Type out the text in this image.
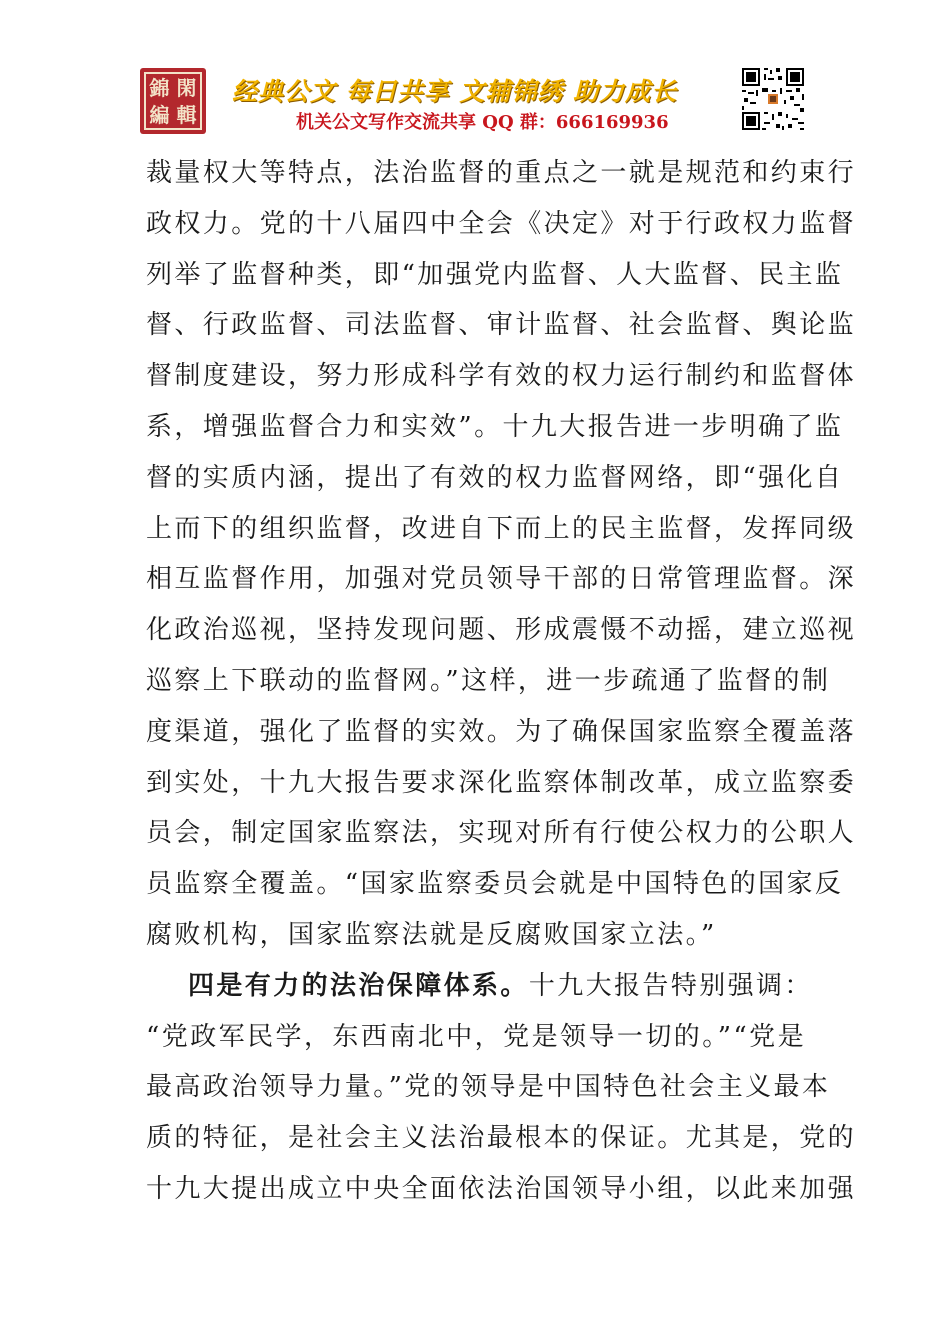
錦 閑
編 輯
经典公文 每日共享 文辅锦绣 助力成长
机关公文写作交流共享 QQ 群：666169936
裁量权大等特点，法治监督的重点之一就是规范和约束行
政权力。党的十八届四中全会《决定》对于行政权力监督
列举了监督种类，即“加强党内监督、人大监督、民主监
督、行政监督、司法监督、审计监督、社会监督、舆论监
督制度建设，努力形成科学有效的权力运行制约和监督体
系，增强监督合力和实效”。十九大报告进一步明确了监
督的实质内涵，提出了有效的权力监督网络，即“强化自
上而下的组织监督，改进自下而上的民主监督，发挥同级
相互监督作用，加强对党员领导干部的日常管理监督。深
化政治巡视，坚持发现问题、形成震慑不动摇，建立巡视
巡察上下联动的监督网。”这样，进一步疏通了监督的制
度渠道，强化了监督的实效。为了确保国家监察全覆盖落
到实处，十九大报告要求深化监察体制改革，成立监察委
员会，制定国家监察法，实现对所有行使公权力的公职人
员监察全覆盖。“国家监察委员会就是中国特色的国家反
腐败机构，国家监察法就是反腐败国家立法。”
四是有力的法治保障体系。十九大报告特别强调：
“党政军民学，东西南北中，党是领导一切的。”“党是
最高政治领导力量。”党的领导是中国特色社会主义最本
质的特征，是社会主义法治最根本的保证。尤其是，党的
十九大提出成立中央全面依法治国领导小组，以此来加强
